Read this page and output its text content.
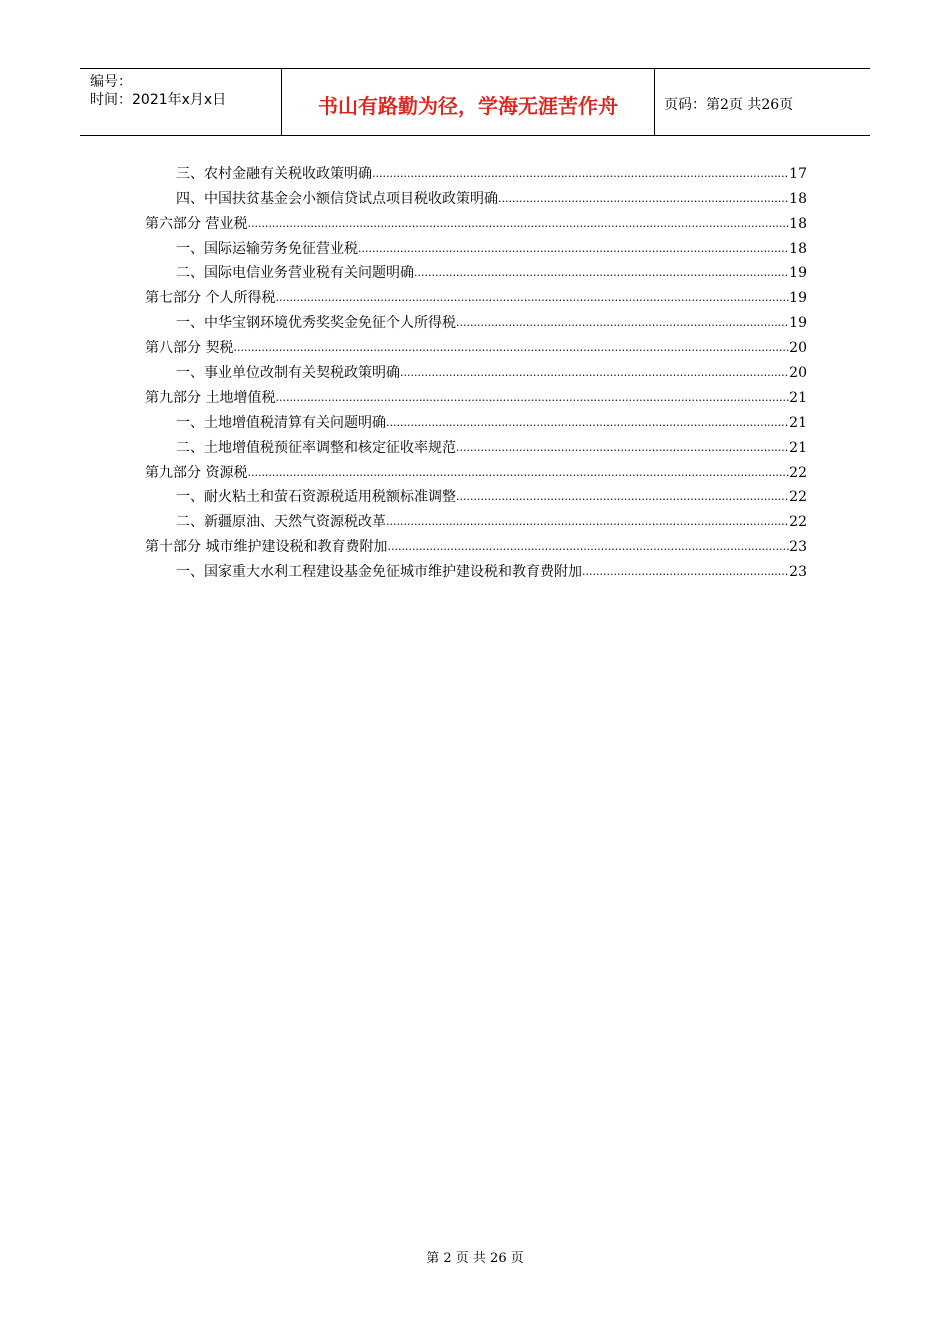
编号：
时间：2021年x月x日	书山有路勤为径，学海无涯苦作舟	页码：第2页 共26页
三、农村金融有关税收政策明确 .....	17
四、中国扶贫基金会小额信贷试点项目税收政策明确 .....	18
第六部分 营业税 .....	18
一、国际运输劳务免征营业税 .....	18
二、国际电信业务营业税有关问题明确 .....	19
第七部分 个人所得税 .....	19
一、中华宝钢环境优秀奖奖金免征个人所得税 .....	19
第八部分 契税 .....	20
一、事业单位改制有关契税政策明确 .....	20
第九部分 土地增值税 .....	21
一、土地增值税清算有关问题明确 .....	21
二、土地增值税预征率调整和核定征收率规范 .....	21
第九部分 资源税 .....	22
一、耐火粘土和萤石资源税适用税额标准调整 .....	22
二、新疆原油、天然气资源税改革 .....	22
第十部分 城市维护建设税和教育费附加 .....	23
一、国家重大水利工程建设基金免征城市维护建设税和教育费附加 .....	23
第 2 页 共 26 页
